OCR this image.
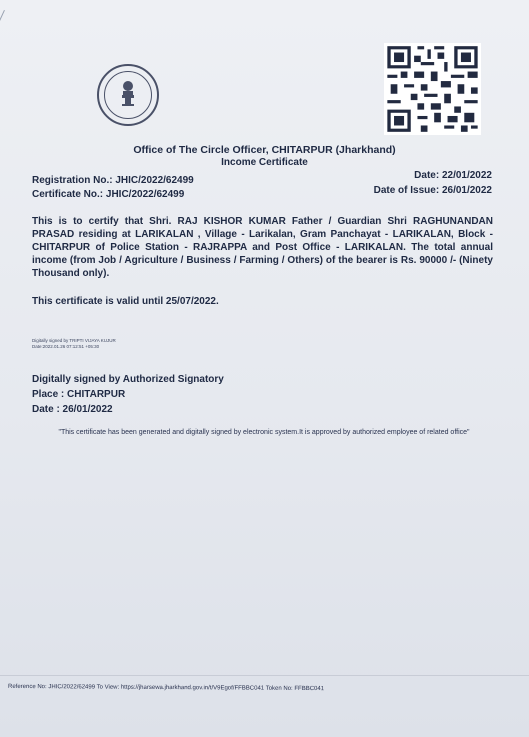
Office of The Circle Officer, CHITARPUR (Jharkhand)
Income Certificate
Registration No.: JHIC/2022/62499
Certificate No.: JHIC/2022/62499
Date: 22/01/2022
Date of Issue: 26/01/2022
This is to certify that Shri. RAJ KISHOR KUMAR Father / Guardian Shri RAGHUNANDAN PRASAD residing at LARIKALAN , Village - Larikalan, Gram Panchayat - LARIKALAN, Block - CHITARPUR of Police Station - RAJRAPPA and Post Office - LARIKALAN. The total annual income (from Job / Agriculture / Business / Farming / Others) of the bearer is Rs. 90000 /- (Ninety Thousand only).
This certificate is valid until 25/07/2022.
Digitally signed by TRIPTI VIJAYA KUJUR
Date:2022.01.26 07:12:51 +05:30
Digitally signed by Authorized Signatory
Place : CHITARPUR
Date : 26/01/2022
"This certificate has been generated and digitally signed by electronic system.It is approved by authorized employee of related office"
Reference No: JHIC/2022/62499 To View: https://jharsewa.jharkhand.gov.in/t/V9Egof/FFBBC041 Token No: FFBBC041
